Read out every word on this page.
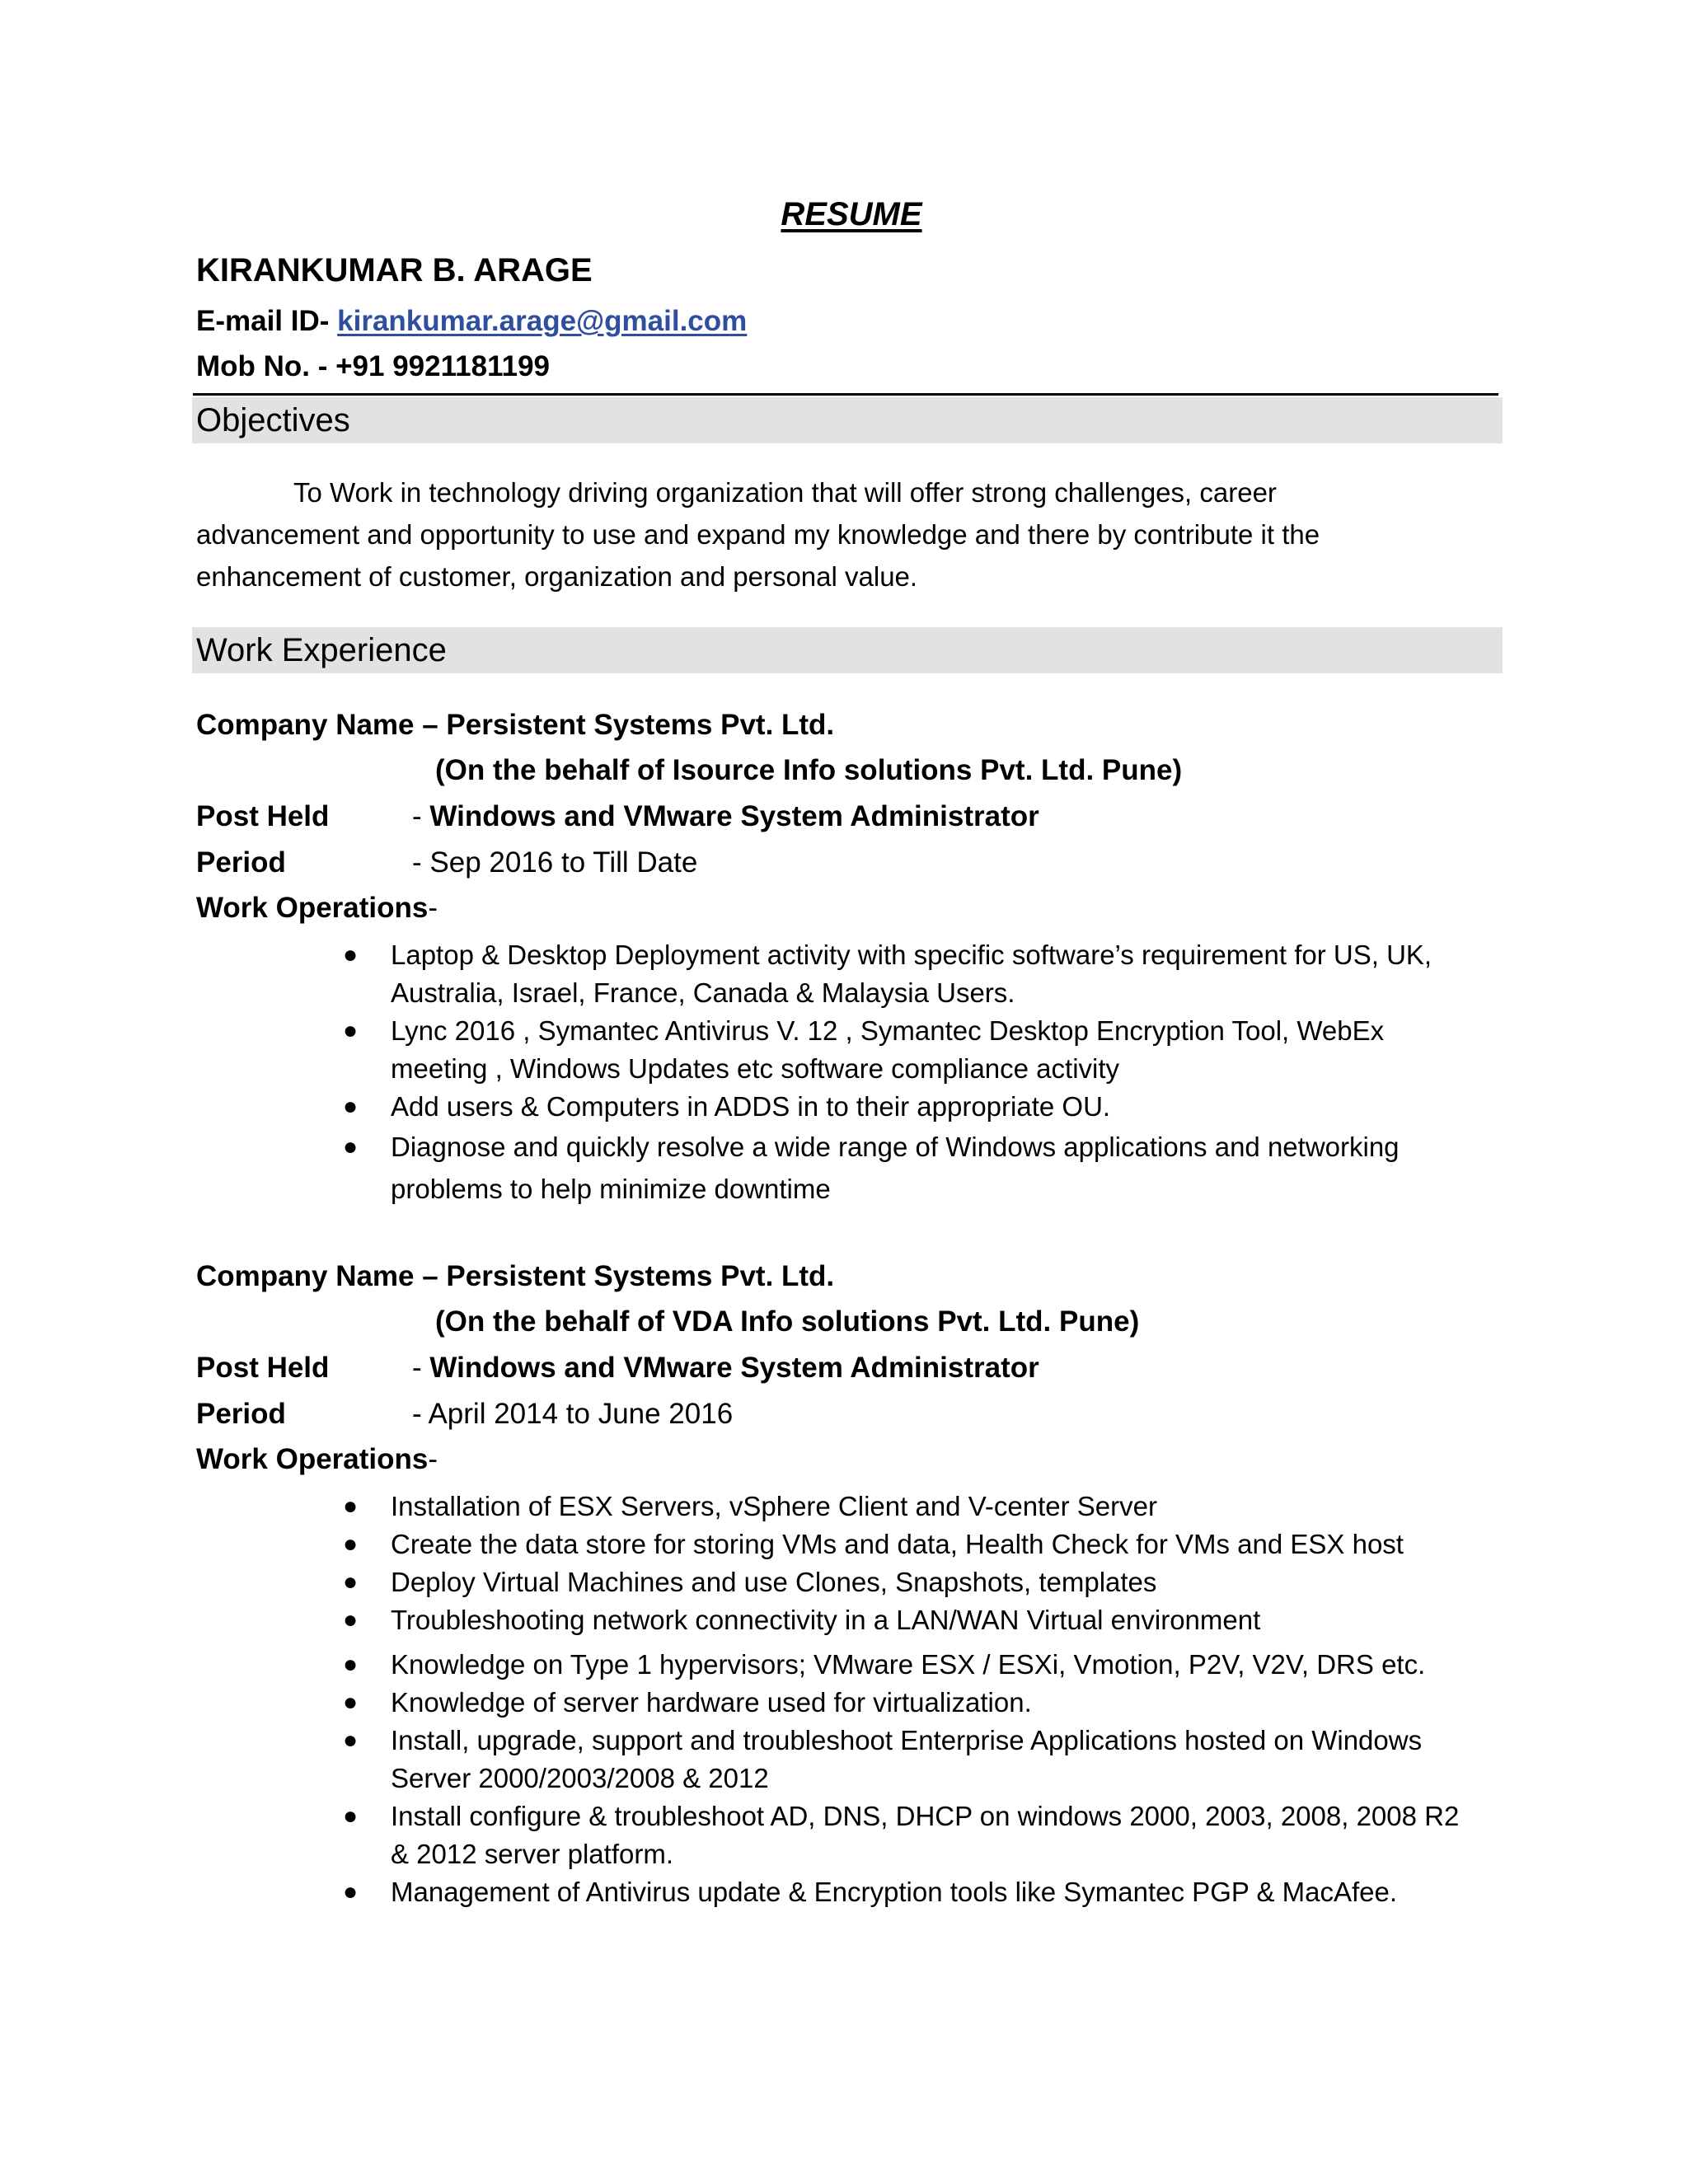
RESUME
KIRANKUMAR B. ARAGE
E-mail ID- kirankumar.arage@gmail.com
Mob No. - +91 9921181199
Objectives
To Work in technology driving organization that will offer strong challenges, career advancement and opportunity to use and expand my knowledge and there by contribute it the enhancement of customer, organization and personal value.
Work Experience
Company Name – Persistent Systems Pvt. Ltd.
(On the behalf of Isource Info solutions Pvt. Ltd. Pune)
Post Held	- Windows and VMware System Administrator
Period	- Sep 2016 to Till Date
Work Operations-
● Laptop & Desktop Deployment activity with specific software’s requirement for US, UK, Australia, Israel, France, Canada & Malaysia Users.
● Lync 2016 , Symantec Antivirus V. 12 , Symantec Desktop Encryption Tool, WebEx meeting , Windows Updates etc software compliance activity
● Add users & Computers in ADDS in to their appropriate OU.
● Diagnose and quickly resolve a wide range of Windows applications and networking problems to help minimize downtime
Company Name – Persistent Systems Pvt. Ltd.
(On the behalf of VDA Info solutions Pvt. Ltd. Pune)
Post Held	- Windows and VMware System Administrator
Period	- April 2014 to June 2016
Work Operations-
● Installation of ESX Servers, vSphere Client and V-center Server
● Create the data store for storing VMs and data, Health Check for VMs and ESX host
● Deploy Virtual Machines and use Clones, Snapshots, templates
● Troubleshooting network connectivity in a LAN/WAN Virtual environment
● Knowledge on Type 1 hypervisors; VMware ESX / ESXi, Vmotion, P2V, V2V, DRS etc.
● Knowledge of server hardware used for virtualization.
● Install, upgrade, support and troubleshoot Enterprise Applications hosted on Windows Server 2000/2003/2008 & 2012
● Install configure & troubleshoot AD, DNS, DHCP on windows 2000, 2003, 2008, 2008 R2 & 2012 server platform.
● Management of Antivirus update & Encryption tools like Symantec PGP & MacAfee.
